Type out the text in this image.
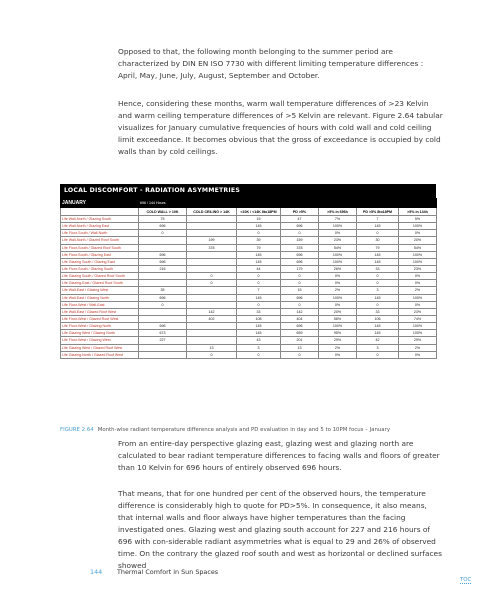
Opposed to that, the following month belonging to the summer period are characterized by DIN EN ISO 7730 with different limiting temperature differences : April, May, June, July, August, September and October.

Hence, considering these months, warm wall temperature differences of >23 Kelvin and warm ceiling temperature differences of >5 Kelvin are relevant. Figure 2.64 tabular visualizes for January cumulative frequencies of hours with cold wall and cold ceiling limit exceedance. It becomes obvious that the gross of exceedance is occupied by cold walls than by cold ceilings.

LOCAL DISCOMFORT - RADIATION ASYMMETRIES
JANUARY	696 / 144 Hours						
	COLD WALL > 10K	COLD CEILING > 14K	<10K / <14K 8to18PM	PD >5%	>5% in 696h	PD >5% 8to18PM	>5% in 144h
Life Wall-North / Glazing South	75		15	47	7%	7	5%
Life Wall-North / Glazing East	696		145	696	100%	145	100%
Life Floor-South / Wall-North	0		0	0	0%	0	0%
Life Wall-North / Glazed Roof South		199	39	159	23%	30	20%
Life Floor-South / Glazed Roof South		378	79	378	54%	79	54%
Life Floor-South / Glazing East	696		145	696	100%	145	100%
Life Glazing South / Glazing East	696		145	696	100%	145	100%
Life Floor-South / Glazing South	216		44	179	26%	33	23%
Life Glazing South / Glazed Roof South		0	0	0	0%	0	0%
Life Glazing-East / Glazed Roof South		0	0	0	0%	0	0%
Life Wall-East / Glazing West	35		7	15	2%	3	2%
Life Wall-East / Glazing North	696		145	696	100%	145	100%
Life Floor-West / Wall-East	0		0	0	0%	0	0%
Life Wall-East / Glazed Roof West		142	33	142	20%	33	23%
Life Floor-West / Glazed Roof West		402	108	404	58%	106	74%
Life Floor-West / Glazing North	696		145	696	100%	145	100%
Life Glazing West / Glazing North	673		145	659	95%	145	100%
Life Floor-West / Glazing West	227		43	201	29%	42	29%
Life Glazing West / Glazed Roof West		13	3	13	2%	3	2%
Life Glazing-North / Glazed Roof West		0	0	0	0%	0	0%
FIGURE 2.64 Month-wise radiant temperature difference analysis and PD evaluation in day and 5 to 10PM focus – January

From an entire-day perspective glazing east, glazing west and glazing north are calculated to bear radiant temperature differences to facing walls and floors of greater than 10 Kelvin for 696 hours of entirely observed 696 hours.

That means, that for one hundred per cent of the observed hours, the temperature difference is considerably high to quote for PD>5%. In consequence, it also means, that internal walls and floor always have higher temperatures than the facing investigated ones. Glazing west and glazing south account for 227 and 216 hours of 696 with con-siderable radiant asymmetries what is equal to 29 and 26% of observed time. On the contrary the glazed roof south and west as horizontal or declined surfaces showed

144 Thermal Comfort in Sun Spaces
TOC
